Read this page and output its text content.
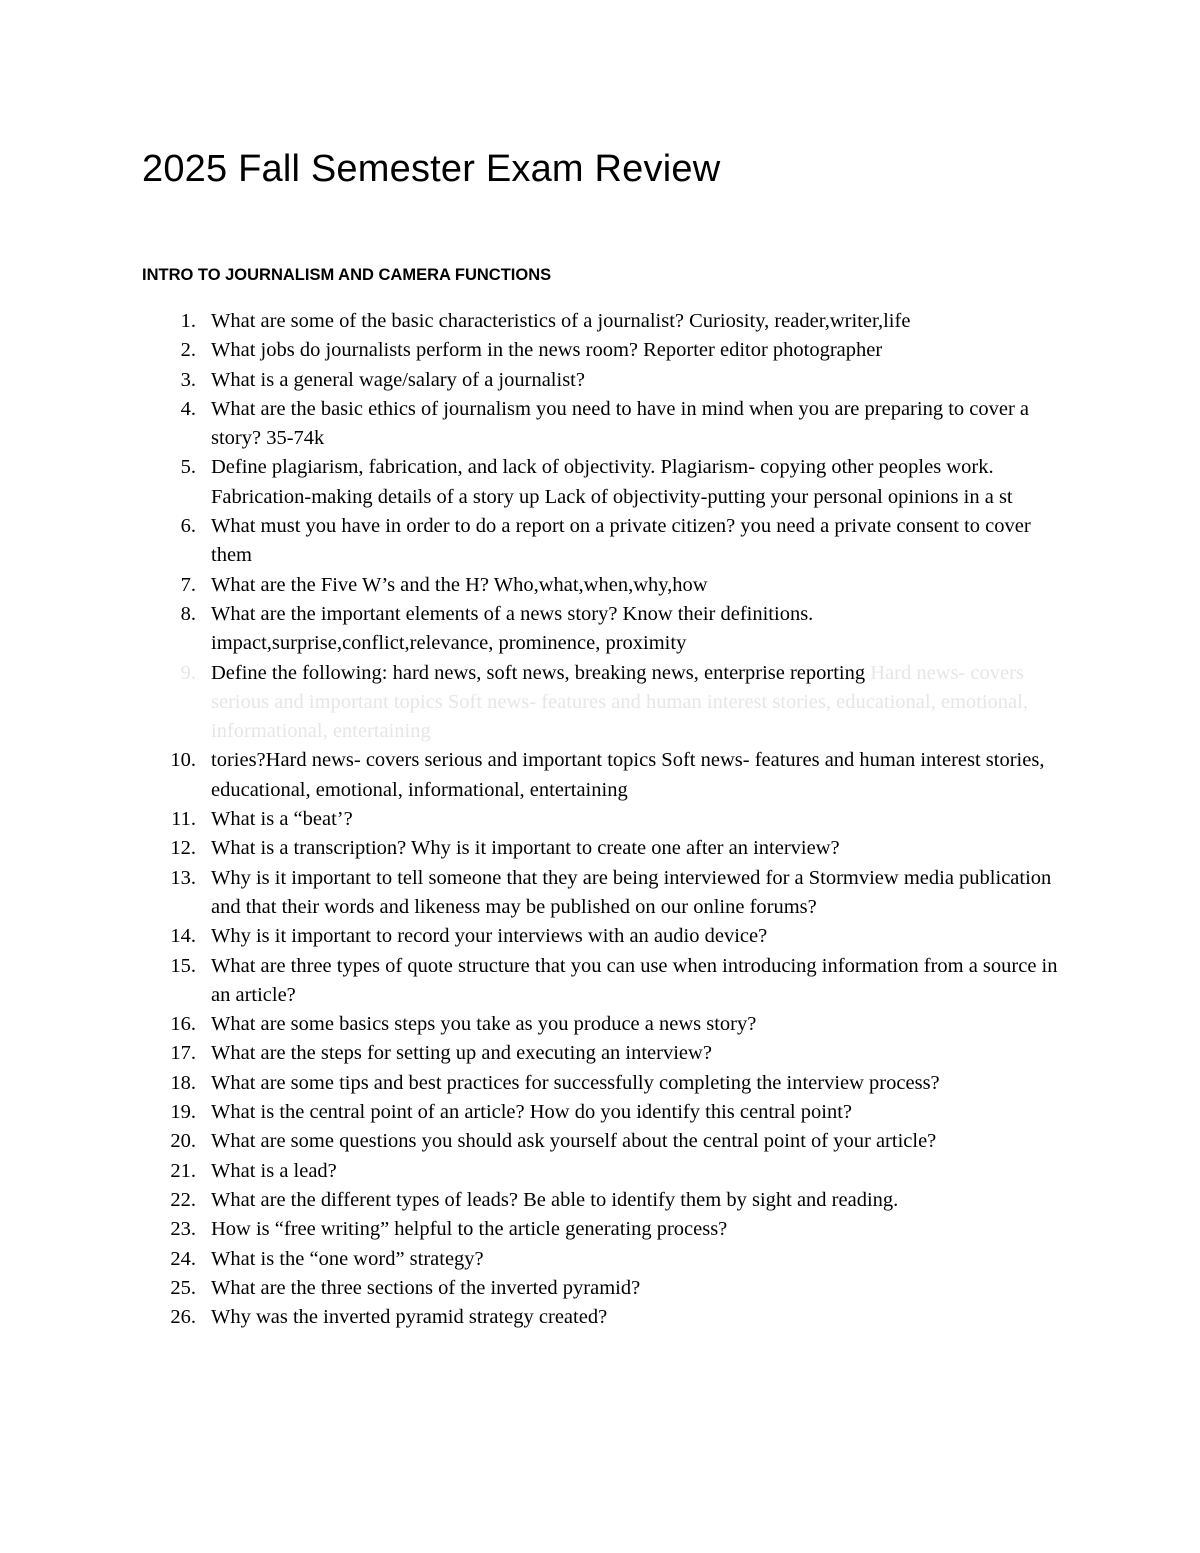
2025 Fall Semester Exam Review
INTRO TO JOURNALISM AND CAMERA FUNCTIONS
1. What are some of the basic characteristics of a journalist? Curiosity, reader,writer,life
2. What jobs do journalists perform in the news room? Reporter editor photographer
3. What is a general wage/salary of a journalist?
4. What are the basic ethics of journalism you need to have in mind when you are preparing to cover a story? 35-74k
5. Define plagiarism, fabrication, and lack of objectivity. Plagiarism- copying other peoples work. Fabrication-making details of a story up Lack of objectivity-putting your personal opinions in a st
6. What must you have in order to do a report on a private citizen? you need a private consent to cover them
7. What are the Five W’s and the H? Who,what,when,why,how
8. What are the important elements of a news story? Know their definitions. impact,surprise,conflict,relevance, prominence, proximity
9. Define the following: hard news, soft news, breaking news, enterprise reporting Hard news- covers serious and important topics Soft news- features and human interest stories, educational, emotional, informational, entertaining
10. tories?Hard news- covers serious and important topics Soft news- features and human interest stories, educational, emotional, informational, entertaining
11. What is a “beat’?
12. What is a transcription? Why is it important to create one after an interview?
13. Why is it important to tell someone that they are being interviewed for a Stormview media publication and that their words and likeness may be published on our online forums?
14. Why is it important to record your interviews with an audio device?
15. What are three types of quote structure that you can use when introducing information from a source in an article?
16. What are some basics steps you take as you produce a news story?
17. What are the steps for setting up and executing an interview?
18. What are some tips and best practices for successfully completing the interview process?
19. What is the central point of an article? How do you identify this central point?
20. What are some questions you should ask yourself about the central point of your article?
21. What is a lead?
22. What are the different types of leads? Be able to identify them by sight and reading.
23. How is “free writing” helpful to the article generating process?
24. What is the “one word” strategy?
25. What are the three sections of the inverted pyramid?
26. Why was the inverted pyramid strategy created?
